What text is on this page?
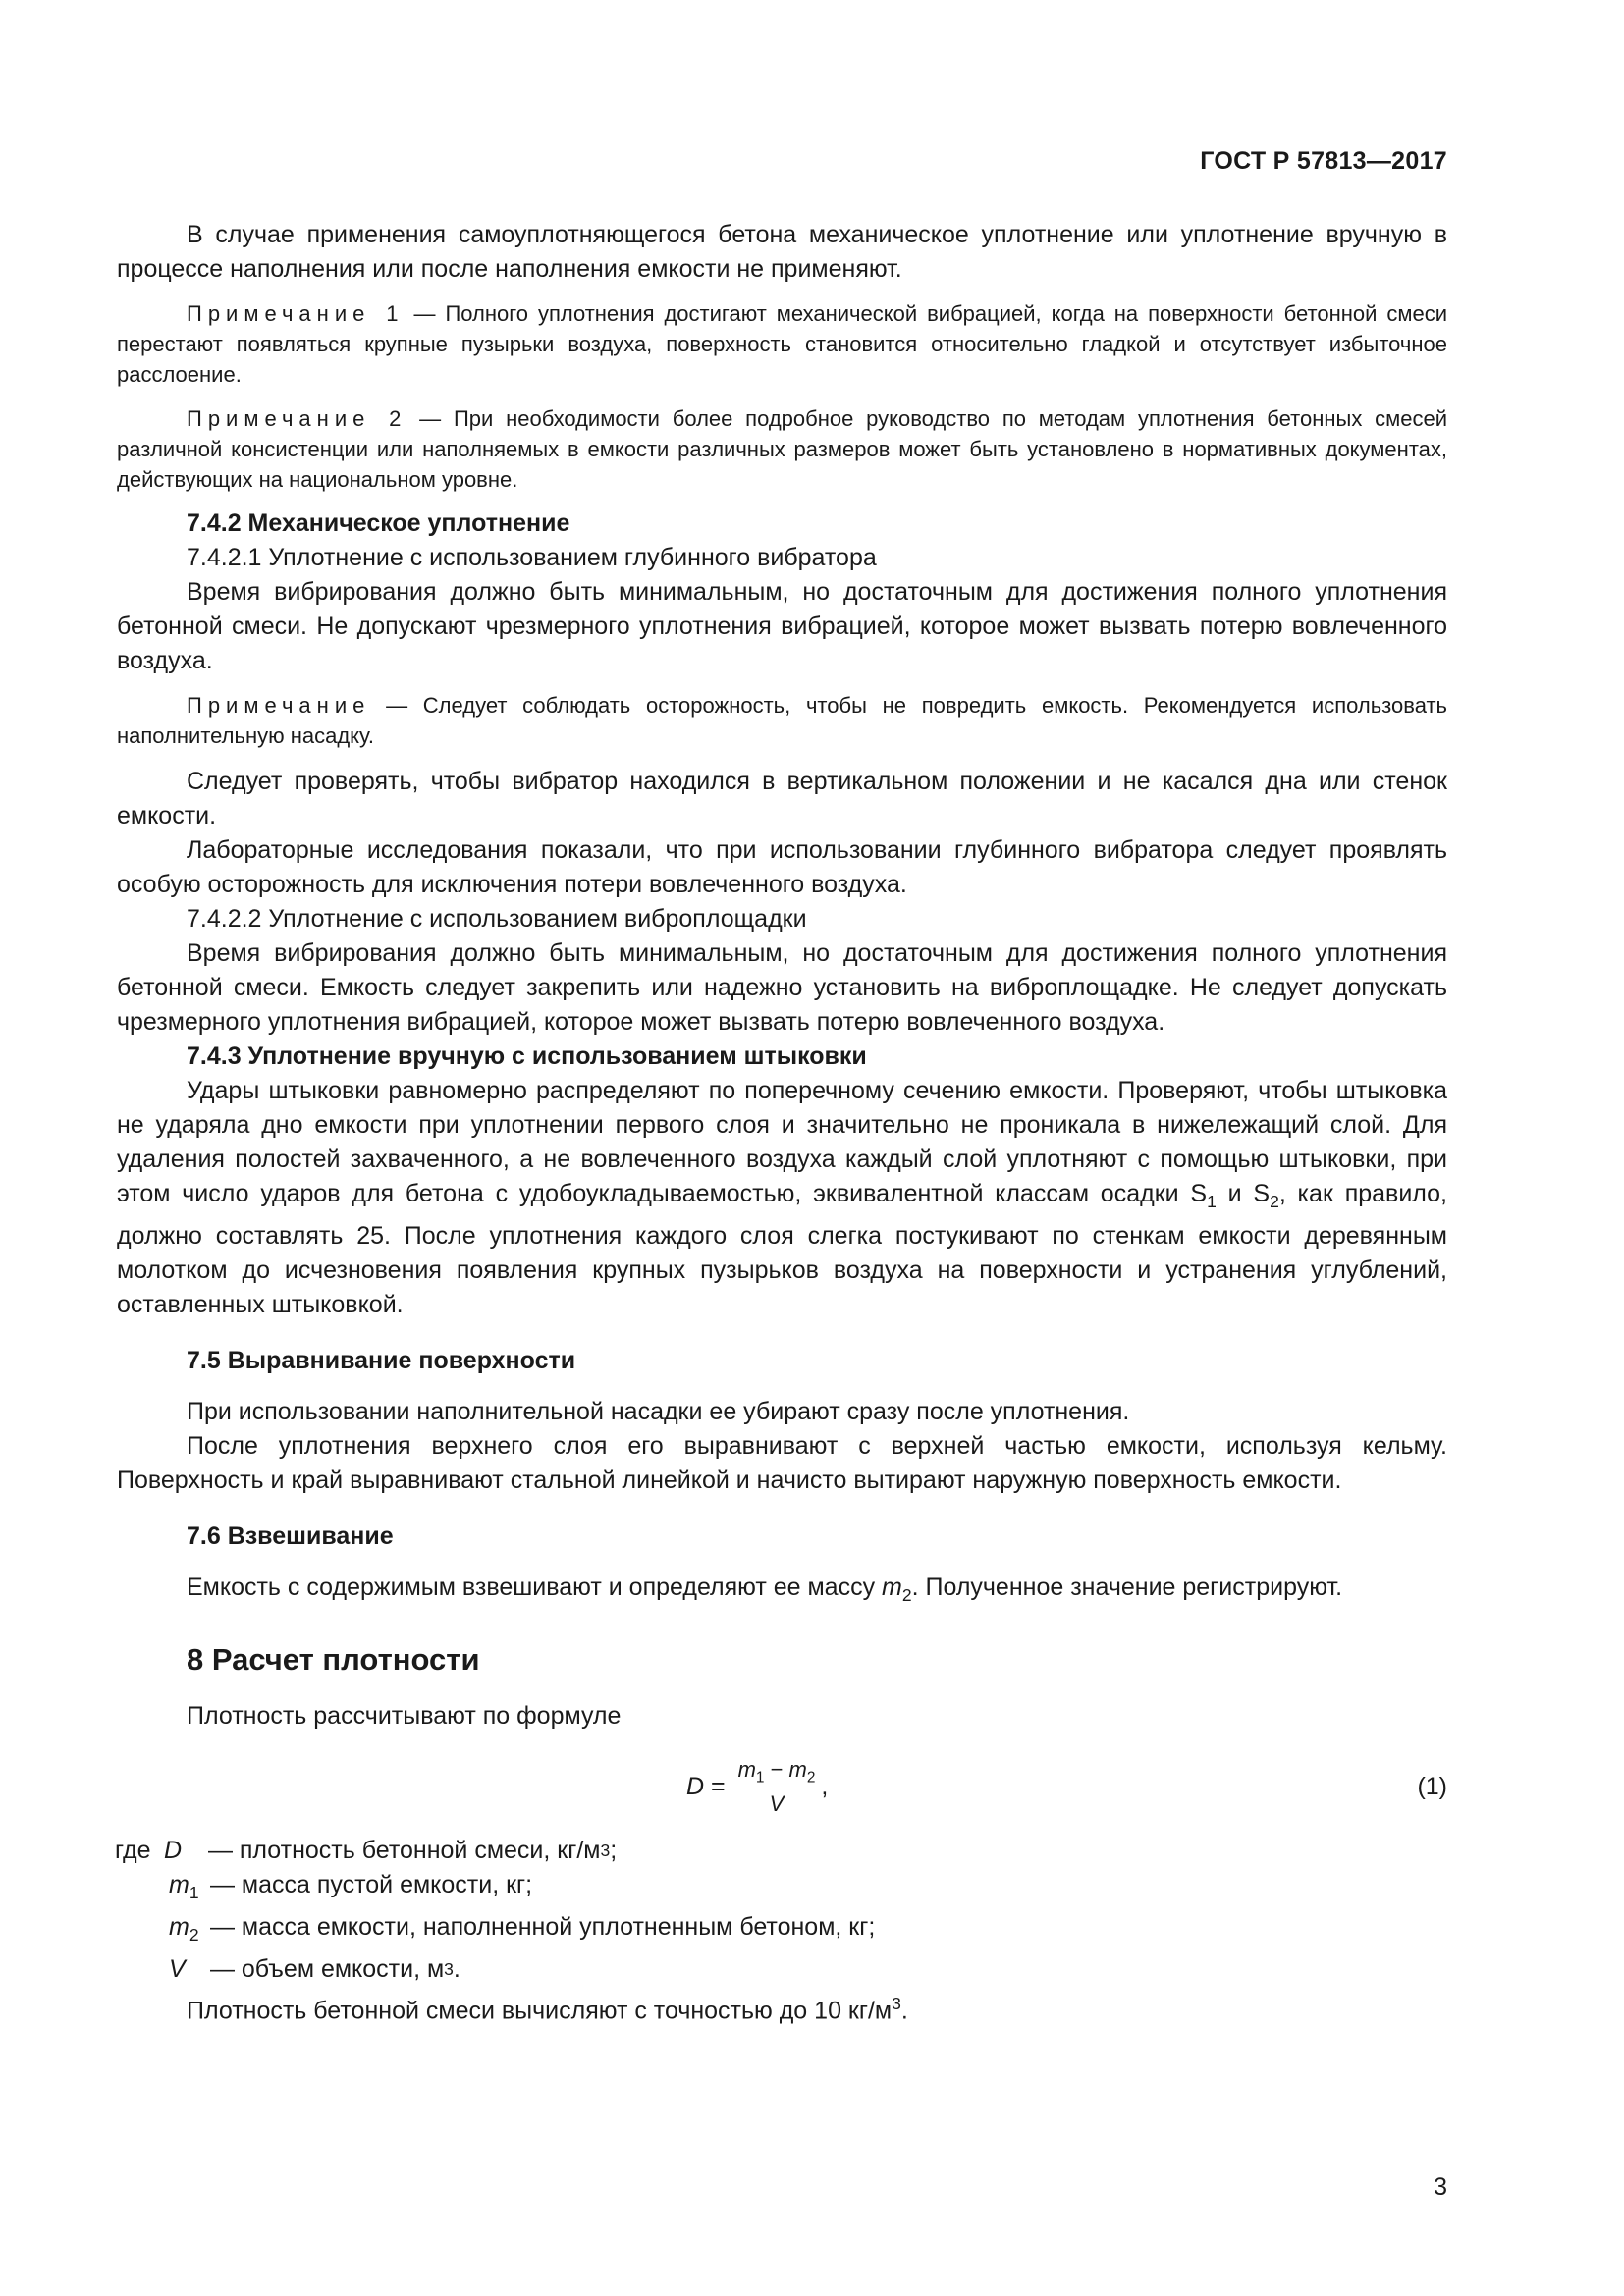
ГОСТ Р 57813—2017

В случае применения самоуплотняющегося бетона механическое уплотнение или уплотнение вручную в процессе наполнения или после наполнения емкости не применяют.

Примечание 1 — Полного уплотнения достигают механической вибрацией, когда на поверхности бетонной смеси перестают появляться крупные пузырьки воздуха, поверхность становится относительно гладкой и отсутствует избыточное расслоение.

Примечание 2 — При необходимости более подробное руководство по методам уплотнения бетонных смесей различной консистенции или наполняемых в емкости различных размеров может быть установлено в нормативных документах, действующих на национальном уровне.

7.4.2 Механическое уплотнение

7.4.2.1 Уплотнение с использованием глубинного вибратора

Время вибрирования должно быть минимальным, но достаточным для достижения полного уплотнения бетонной смеси. Не допускают чрезмерного уплотнения вибрацией, которое может вызвать потерю вовлеченного воздуха.

Примечание — Следует соблюдать осторожность, чтобы не повредить емкость. Рекомендуется использовать наполнительную насадку.

Следует проверять, чтобы вибратор находился в вертикальном положении и не касался дна или стенок емкости.

Лабораторные исследования показали, что при использовании глубинного вибратора следует проявлять особую осторожность для исключения потери вовлеченного воздуха.

7.4.2.2 Уплотнение с использованием виброплощадки

Время вибрирования должно быть минимальным, но достаточным для достижения полного уплотнения бетонной смеси. Емкость следует закрепить или надежно установить на виброплощадке. Не следует допускать чрезмерного уплотнения вибрацией, которое может вызвать потерю вовлеченного воздуха.

7.4.3 Уплотнение вручную с использованием штыковки

Удары штыковки равномерно распределяют по поперечному сечению емкости. Проверяют, чтобы штыковка не ударяла дно емкости при уплотнении первого слоя и значительно не проникала в нижележащий слой. Для удаления полостей захваченного, а не вовлеченного воздуха каждый слой уплотняют с помощью штыковки, при этом число ударов для бетона с удобоукладываемостью, эквивалентной классам осадки $S_1$ и $S_2$, как правило, должно составлять 25. После уплотнения каждого слоя слегка постукивают по стенкам емкости деревянным молотком до исчезновения появления крупных пузырьков воздуха на поверхности и устранения углублений, оставленных штыковкой.

7.5 Выравнивание поверхности

При использовании наполнительной насадки ее убирают сразу после уплотнения.

После уплотнения верхнего слоя его выравнивают с верхней частью емкости, используя кельму. Поверхность и край выравнивают стальной линейкой и начисто вытирают наружную поверхность емкости.

7.6 Взвешивание

Емкость с содержимым взвешивают и определяют ее массу $m_2$. Полученное значение регистрируют.

8 Расчет плотности

Плотность рассчитывают по формуле

$D = \frac{m_1 - m_2}{V}$ ,	(1)
где D — плотность бетонной смеси, кг/м 3 ;
$m_1$ — масса пустой емкости, кг;
$m_2$ — масса емкости, наполненной уплотненным бетоном, кг;
V — объем емкости, м 3 .

Плотность бетонной смеси вычисляют с точностью до 10 $кг/м^3$.

3
